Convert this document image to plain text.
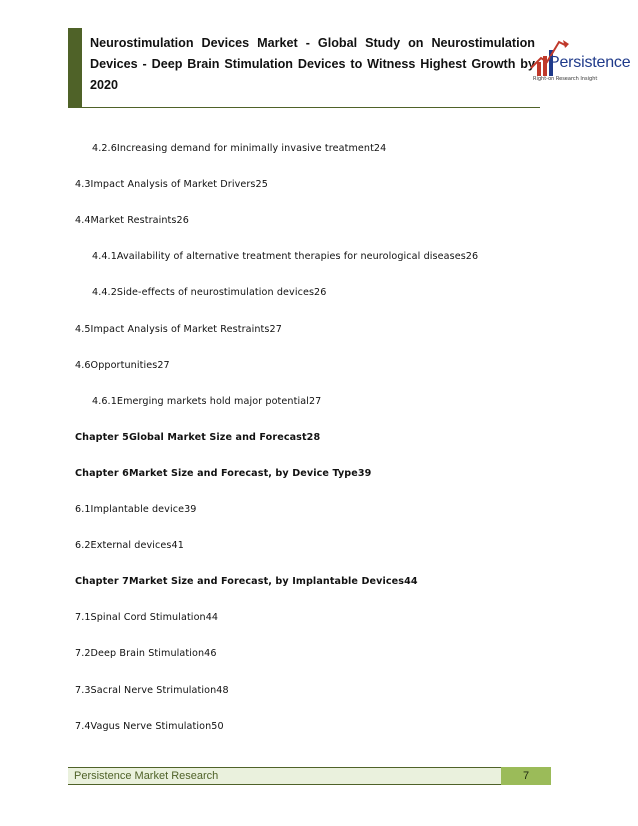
Neurostimulation Devices Market - Global Study on Neurostimulation Devices - Deep Brain Stimulation Devices to Witness Highest Growth by 2020
Persistence
Right-on Research Insight
4.2.6Increasing demand for minimally invasive treatment24
4.3Impact Analysis of Market Drivers25
4.4Market Restraints26
4.4.1Availability of alternative treatment therapies for neurological diseases26
4.4.2Side-effects of neurostimulation devices26
4.5Impact Analysis of Market Restraints27
4.6Opportunities27
4.6.1Emerging markets hold major potential27
Chapter 5Global Market Size and Forecast28
Chapter 6Market Size and Forecast, by Device Type39
6.1Implantable device39
6.2External devices41
Chapter 7Market Size and Forecast, by Implantable Devices44
7.1Spinal Cord Stimulation44
7.2Deep Brain Stimulation46
7.3Sacral Nerve Strimulation48
7.4Vagus Nerve Stimulation50
Persistence Market Research	7
